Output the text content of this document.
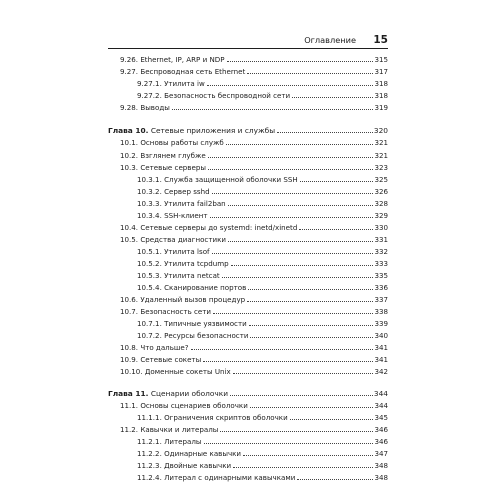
Оглавление 15
9.26. Ethernet, IP, ARP и NDP	315
9.27. Беспроводная сеть Ethernet	317
9.27.1. Утилита iw	318
9.27.2. Безопасность беспроводной сети	318
9.28. Выводы	319
Глава 10. Сетевые приложения и службы	320
10.1. Основы работы служб	321
10.2. Взглянем глубже	321
10.3. Сетевые серверы	323
10.3.1. Служба защищенной оболочки SSH	325
10.3.2. Сервер sshd	326
10.3.3. Утилита fail2ban	328
10.3.4. SSH-клиент	329
10.4. Сетевые серверы до systemd: inetd/xinetd	330
10.5. Средства диагностики	331
10.5.1. Утилита lsof	332
10.5.2. Утилита tcpdump	333
10.5.3. Утилита netcat	335
10.5.4. Сканирование портов	336
10.6. Удаленный вызов процедур	337
10.7. Безопасность сети	338
10.7.1. Типичные уязвимости	339
10.7.2. Ресурсы безопасности	340
10.8. Что дальше?	341
10.9. Сетевые сокеты	341
10.10. Доменные сокеты Unix	342
Глава 11. Сценарии оболочки	344
11.1. Основы сценариев оболочки	344
11.1.1. Ограничения скриптов оболочки	345
11.2. Кавычки и литералы	346
11.2.1. Литералы	346
11.2.2. Одинарные кавычки	347
11.2.3. Двойные кавычки	348
11.2.4. Литерал с одинарными кавычками	348
